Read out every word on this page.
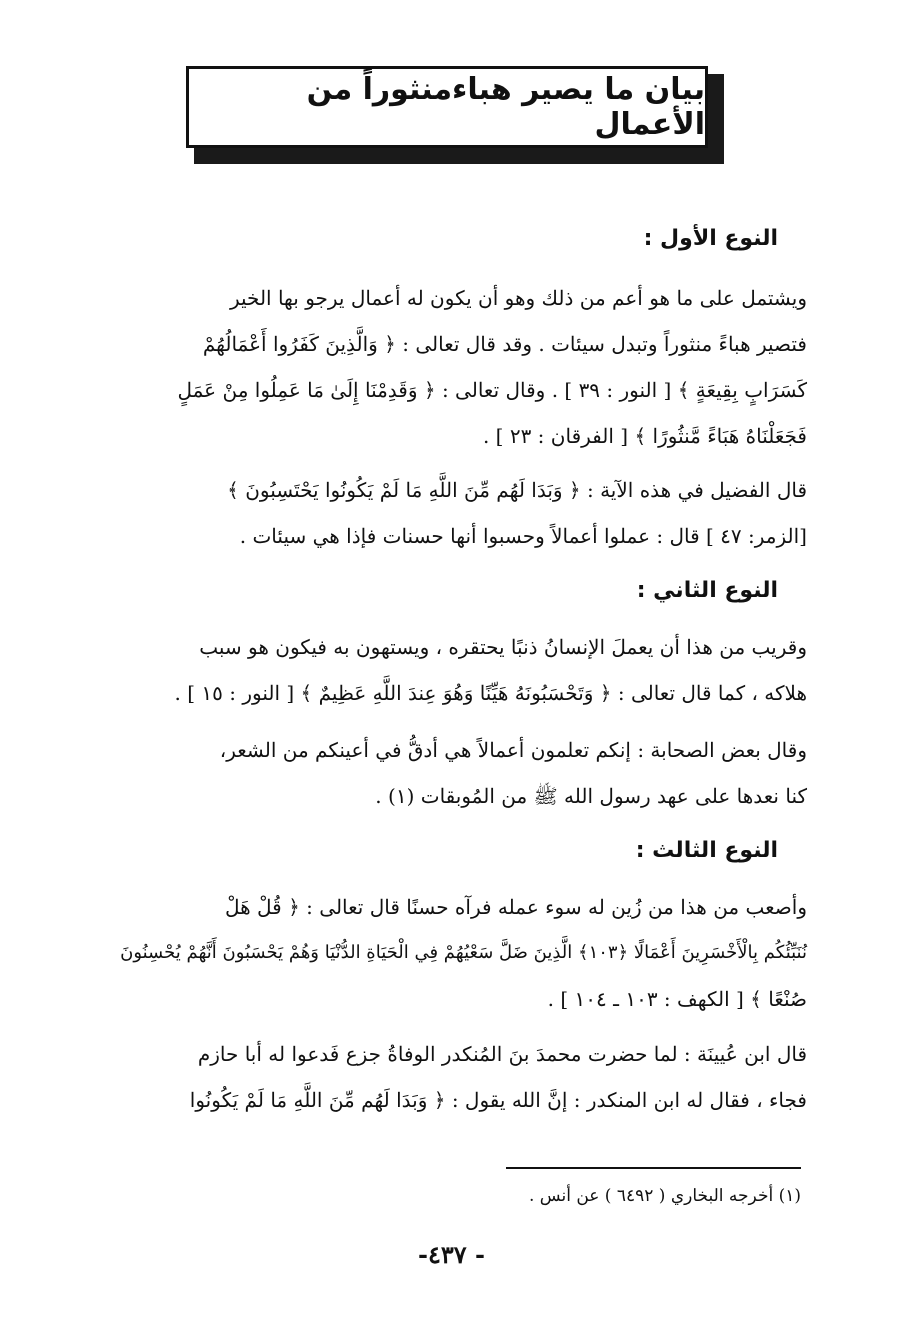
بيان ما يصير هباءمنثوراً من الأعمال
النوع الأول :
ويشتمل على ما هو أعم من ذلك وهو أن يكون له أعمال يرجو بها الخير
فتصير هباءً منثوراً وتبدل سيئات . وقد قال تعالى : ﴿ وَالَّذِينَ كَفَرُوا أَعْمَالُهُمْ
كَسَرَابٍ بِقِيعَةٍ ﴾ [ النور : ٣٩ ] . وقال تعالى : ﴿ وَقَدِمْنَا إِلَىٰ مَا عَمِلُوا مِنْ عَمَلٍ
فَجَعَلْنَاهُ هَبَاءً مَّنثُورًا ﴾ [ الفرقان : ٢٣ ] .
قال الفضيل في هذه الآية : ﴿ وَبَدَا لَهُم مِّنَ اللَّهِ مَا لَمْ يَكُونُوا يَحْتَسِبُونَ ﴾
[الزمر: ٤٧ ] قال : عملوا أعمالاً وحسبوا أنها حسنات فإذا هي سيئات .
النوع الثاني :
وقريب من هذا أن يعملَ الإنسانُ ذنبًا يحتقره ، ويستهون به فيكون هو سبب
هلاكه ، كما قال تعالى : ﴿ وَتَحْسَبُونَهُ هَيِّنًا وَهُوَ عِندَ اللَّهِ عَظِيمٌ ﴾ [ النور : ١٥ ] .
وقال بعض الصحابة : إنكم تعلمون أعمالاً هي أدقُّ في أعينكم من الشعر،
كنا نعدها على عهد رسول الله ﷺ من المُوبقات (١) .
النوع الثالث :
وأصعب من هذا من زُين له سوء عمله فرآه حسنًا قال تعالى : ﴿ قُلْ هَلْ
نُنَبِّئُكُم بِالْأَخْسَرِينَ أَعْمَالًا ﴿١٠٣﴾ الَّذِينَ ضَلَّ سَعْيُهُمْ فِي الْحَيَاةِ الدُّنْيَا وَهُمْ يَحْسَبُونَ أَنَّهُمْ يُحْسِنُونَ
صُنْعًا ﴾ [ الكهف : ١٠٣ ـ ١٠٤ ] .
قال ابن عُيينَة : لما حضرت محمدَ بنَ المُنكدر الوفاةُ جزع فَدعوا له أبا حازم
فجاء ، فقال له ابن المنكدر : إنَّ الله يقول : ﴿ وَبَدَا لَهُم مِّنَ اللَّهِ مَا لَمْ يَكُونُوا
(١) أخرجه البخاري ( ٦٤٩٢ ) عن أنس .
- ٤٣٧-
